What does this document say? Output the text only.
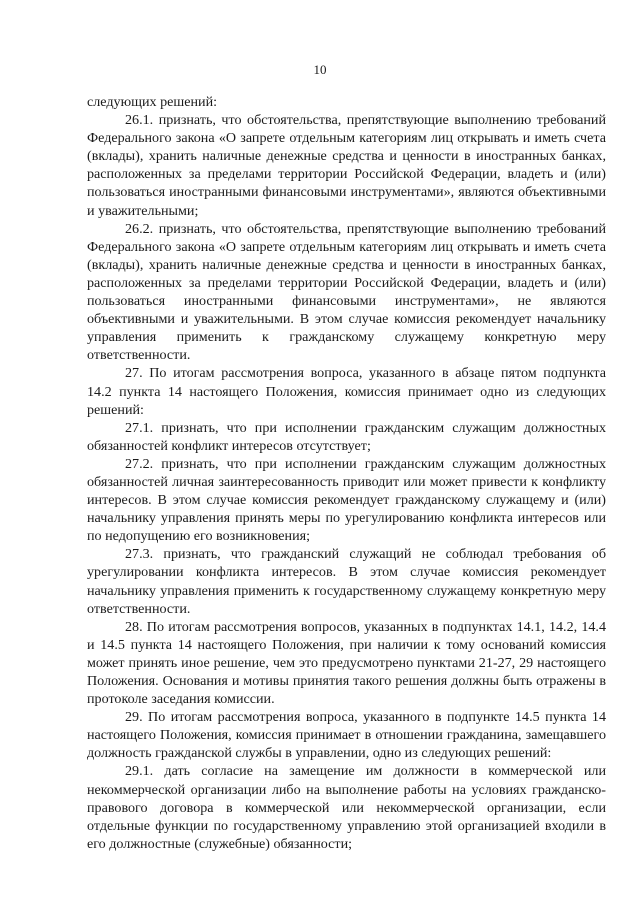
10

следующих решений:

26.1. признать, что обстоятельства, препятствующие выполнению требований Федерального закона «О запрете отдельным категориям лиц открывать и иметь счета (вклады), хранить наличные денежные средства и ценности в иностранных банках, расположенных за пределами территории Российской Федерации, владеть и (или) пользоваться иностранными финансовыми инструментами», являются объективными и уважительными;

26.2. признать, что обстоятельства, препятствующие выполнению требований Федерального закона «О запрете отдельным категориям лиц открывать и иметь счета (вклады), хранить наличные денежные средства и ценности в иностранных банках, расположенных за пределами территории Российской Федерации, владеть и (или) пользоваться иностранными финансовыми инструментами», не являются объективными и уважительными. В этом случае комиссия рекомендует начальнику управления применить к гражданскому служащему конкретную меру ответственности.

27. По итогам рассмотрения вопроса, указанного в абзаце пятом подпункта 14.2 пункта 14 настоящего Положения, комиссия принимает одно из следующих решений:

27.1. признать, что при исполнении гражданским служащим должностных обязанностей конфликт интересов отсутствует;

27.2. признать, что при исполнении гражданским служащим должностных обязанностей личная заинтересованность приводит или может привести к конфликту интересов. В этом случае комиссия рекомендует гражданскому служащему и (или) начальнику управления принять меры по урегулированию конфликта интересов или по недопущению его возникновения;

27.3. признать, что гражданский служащий не соблюдал требования об урегулировании конфликта интересов. В этом случае комиссия рекомендует начальнику управления применить к государственному служащему конкретную меру ответственности.

28. По итогам рассмотрения вопросов, указанных в подпунктах 14.1, 14.2, 14.4 и 14.5 пункта 14 настоящего Положения, при наличии к тому оснований комиссия может принять иное решение, чем это предусмотрено пунктами 21-27, 29 настоящего Положения. Основания и мотивы принятия такого решения должны быть отражены в протоколе заседания комиссии.

29. По итогам рассмотрения вопроса, указанного в подпункте 14.5 пункта 14 настоящего Положения, комиссия принимает в отношении гражданина, замещавшего должность гражданской службы в управлении, одно из следующих решений:

29.1. дать согласие на замещение им должности в коммерческой или некоммерческой организации либо на выполнение работы на условиях гражданско-правового договора в коммерческой или некоммерческой организации, если отдельные функции по государственному управлению этой организацией входили в его должностные (служебные) обязанности;
